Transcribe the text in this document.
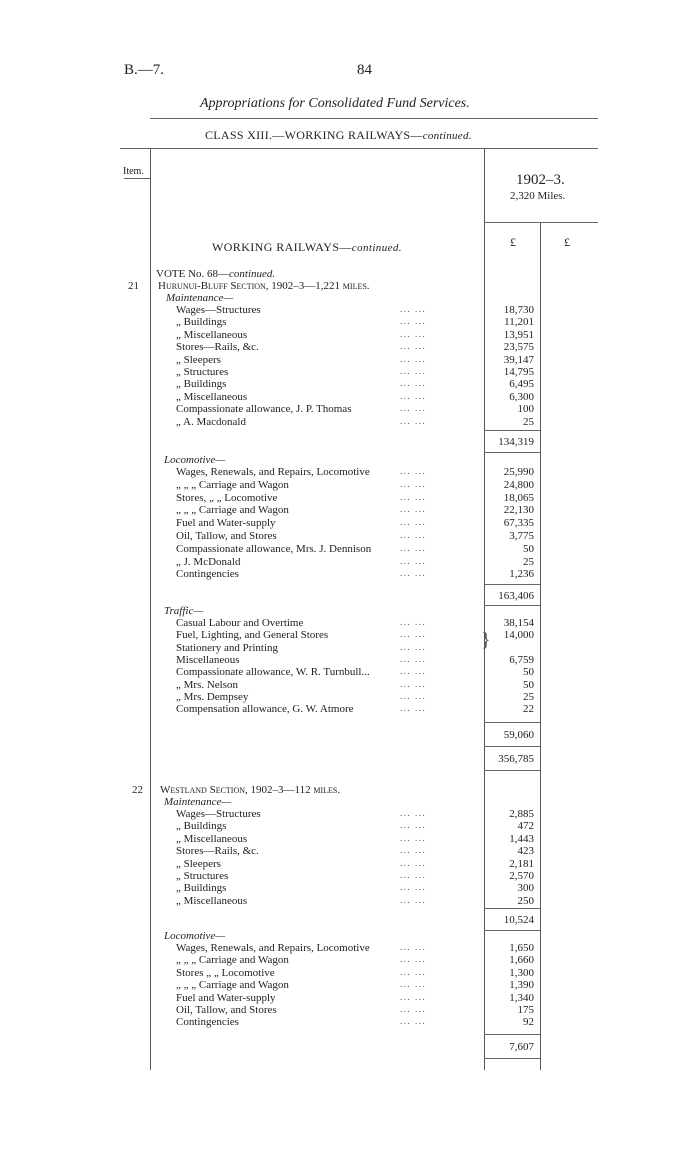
B.—7.	84
Appropriations for Consolidated Fund Services.
CLASS XIII.—WORKING RAILWAYS—continued.
Item.
1902–3.
2,320 Miles.
£	£
WORKING RAILWAYS—continued.
VOTE No. 68—continued.
21 Hurunui-Bluff Section, 1902–3—1,221 miles.
Maintenance—
Wages—Structures	... ...	18,730
„ Buildings	... ...	11,201
„ Miscellaneous	... ...	13,951
Stores—Rails, &c.	... ...	23,575
„ Sleepers	... ...	39,147
„ Structures	... ...	14,795
„ Buildings	... ...	6,495
„ Miscellaneous	... ...	6,300
Compassionate allowance, J. P. Thomas	... ...	100
„ A. Macdonald	... ...	25
134,319
Locomotive—
Wages, Renewals, and Repairs, Locomotive	... ...	25,990
„ „ „ Carriage and Wagon	... ...	24,800
Stores, „ „ Locomotive	... ...	18,065
„ „ „ Carriage and Wagon	... ...	22,130
Fuel and Water-supply	... ...	67,335
Oil, Tallow, and Stores	... ...	3,775
Compassionate allowance, Mrs. J. Dennison	... ...	50
„ J. McDonald	... ...	25
Contingencies	... ...	1,236
163,406
Traffic—
Casual Labour and Overtime	... ...	38,154
Fuel, Lighting, and General Stores	... ...	14,000
Stationery and Printing	... ...
Miscellaneous	... ...	6,759
Compassionate allowance, W. R. Turnbull...	... ...	50
„ Mrs. Nelson	... ...	50
„ Mrs. Dempsey	... ...	25
Compensation allowance, G. W. Atmore	... ...	22
}
59,060
356,785
22 Westland Section, 1902–3—112 miles.
Maintenance—
Wages—Structures	... ...	2,885
„ Buildings	... ...	472
„ Miscellaneous	... ...	1,443
Stores—Rails, &c.	... ...	423
„ Sleepers	... ...	2,181
„ Structures	... ...	2,570
„ Buildings	... ...	300
„ Miscellaneous	... ...	250
10,524
Locomotive—
Wages, Renewals, and Repairs, Locomotive	... ...	1,650
„ „ „ Carriage and Wagon	... ...	1,660
Stores „ „ Locomotive	... ...	1,300
„ „ „ Carriage and Wagon	... ...	1,390
Fuel and Water-supply	... ...	1,340
Oil, Tallow, and Stores	... ...	175
Contingencies	... ...	92
7,607
